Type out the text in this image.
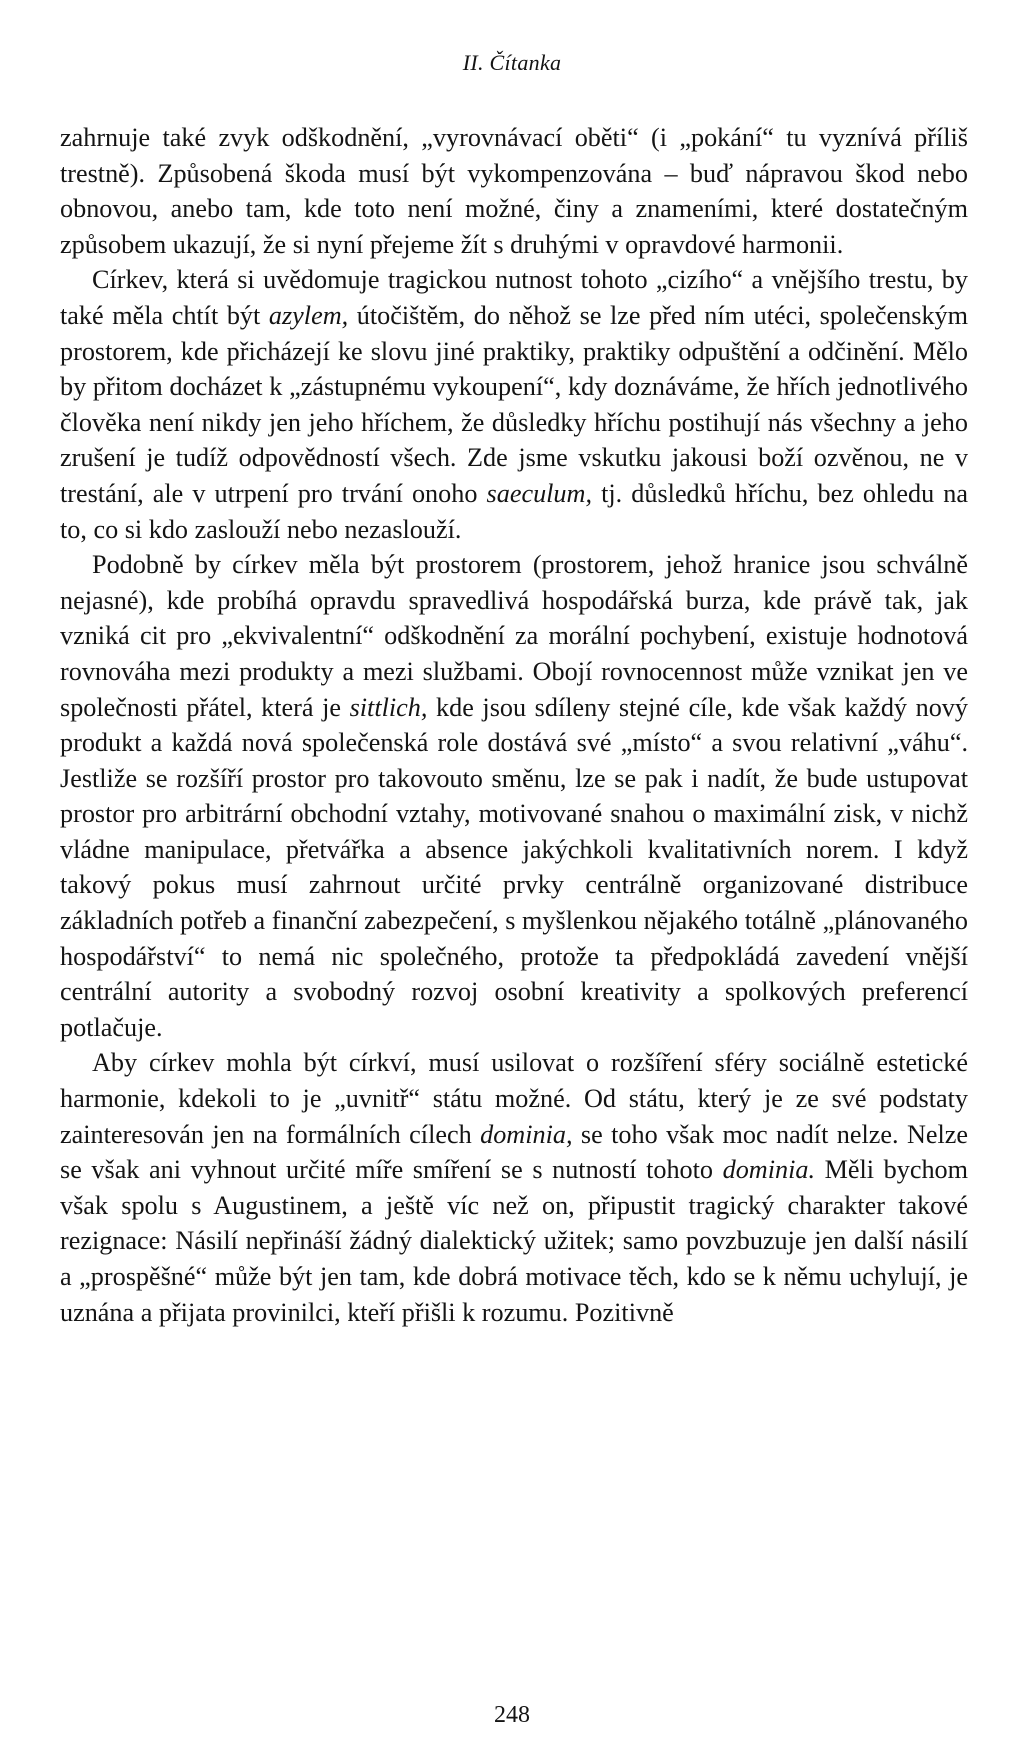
II. Čítanka

zahrnuje také zvyk odškodnění, „vyrovnávací oběti“ (i „pokání“ tu vyznívá příliš trestně). Způsobená škoda musí být vykompenzována – buď nápravou škod nebo obnovou, anebo tam, kde toto není možné, činy a znameními, které dostatečným způsobem ukazují, že si nyní přejeme žít s druhými v opravdové harmonii.

Církev, která si uvědomuje tragickou nutnost tohoto „cizího“ a vnějšího trestu, by také měla chtít být azylem, útočištěm, do něhož se lze před ním utéci, společenským prostorem, kde přicházejí ke slovu jiné praktiky, praktiky odpuštění a odčinění. Mělo by přitom docházet k „zástupnému vykoupení“, kdy doznáváme, že hřích jednotlivého člověka není nikdy jen jeho hříchem, že důsledky hříchu postihují nás všechny a jeho zrušení je tudíž odpovědností všech. Zde jsme vskutku jakousi boží ozvěnou, ne v trestání, ale v utrpení pro trvání onoho saeculum, tj. důsledků hříchu, bez ohledu na to, co si kdo zaslouží nebo nezaslouží.

Podobně by církev měla být prostorem (prostorem, jehož hranice jsou schválně nejasné), kde probíhá opravdu spravedlivá hospodářská burza, kde právě tak, jak vzniká cit pro „ekvivalentní“ odškodnění za morální pochybení, existuje hodnotová rovnováha mezi produkty a mezi službami. Obojí rovnocennost může vznikat jen ve společnosti přátel, která je sittlich, kde jsou sdíleny stejné cíle, kde však každý nový produkt a každá nová společenská role dostává své „místo“ a svou relativní „váhu“. Jestliže se rozšíří prostor pro takovouto směnu, lze se pak i nadít, že bude ustupovat prostor pro arbitrární obchodní vztahy, motivované snahou o maximální zisk, v nichž vládne manipulace, přetvářka a absence jakýchkoli kvalitativních norem. I když takový pokus musí zahrnout určité prvky centrálně organizované distribuce základních potřeb a finanční zabezpečení, s myšlenkou nějakého totálně „plánovaného hospodářství“ to nemá nic společného, protože ta předpokládá zavedení vnější centrální autority a svobodný rozvoj osobní kreativity a spolkových preferencí potlačuje.

Aby církev mohla být církví, musí usilovat o rozšíření sféry sociálně estetické harmonie, kdekoli to je „uvnitř“ státu možné. Od státu, který je ze své podstaty zainteresován jen na formálních cílech dominia, se toho však moc nadít nelze. Nelze se však ani vyhnout určité míře smíření se s nutností tohoto dominia. Měli bychom však spolu s Augustinem, a ještě víc než on, připustit tragický charakter takové rezignace: Násilí nepřináší žádný dialektický užitek; samo povzbuzuje jen další násilí a „prospěšné“ může být jen tam, kde dobrá motivace těch, kdo se k němu uchylují, je uznána a přijata provinilci, kteří přišli k rozumu. Pozitivně

248
